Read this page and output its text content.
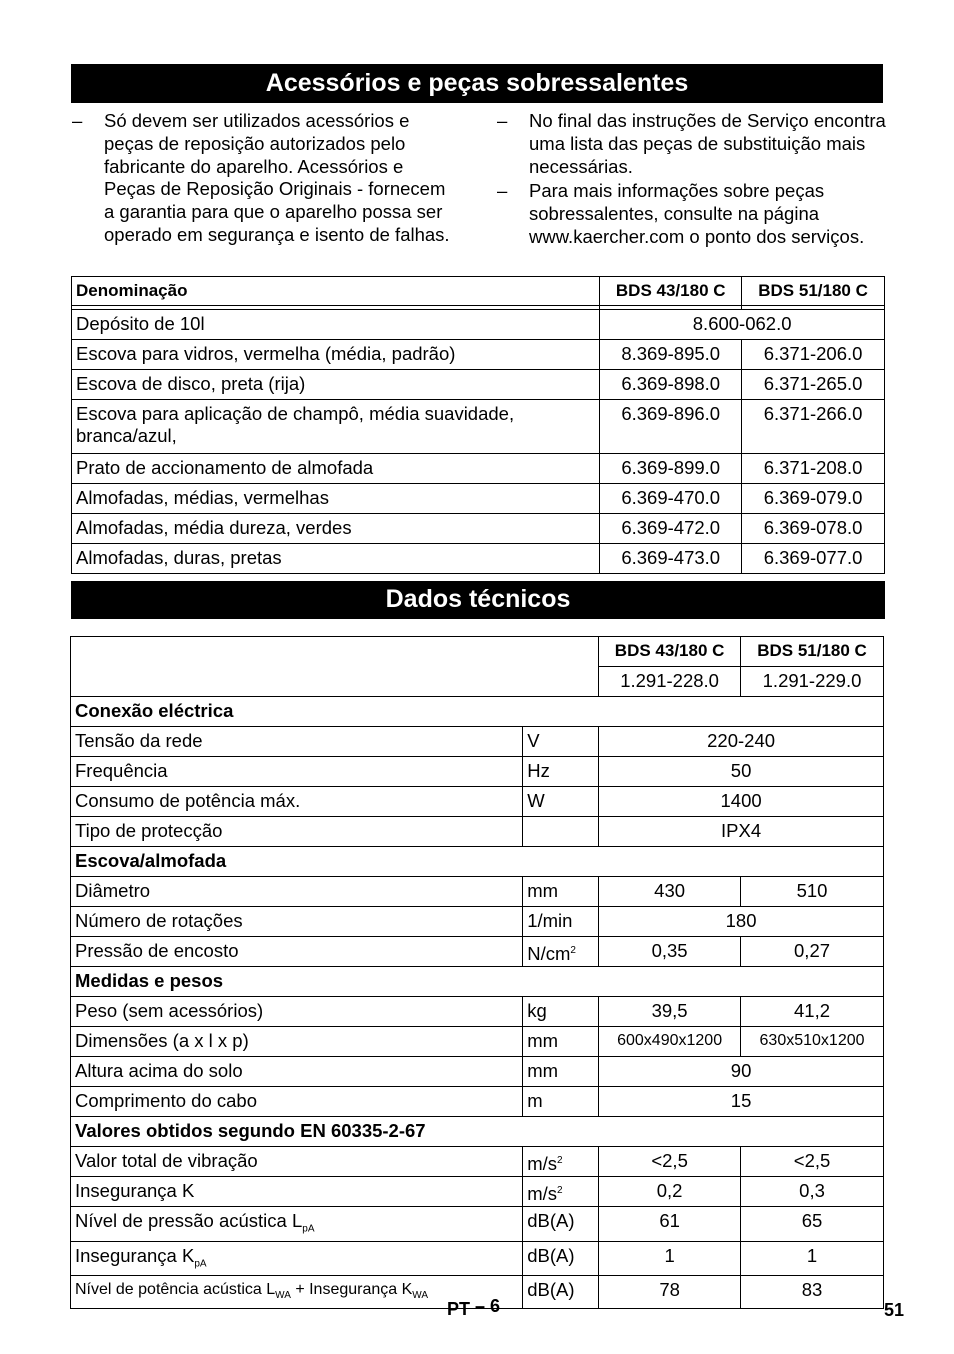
Acessórios e peças sobressalentes
– Só devem ser utilizados acessórios e peças de reposição autorizados pelo fabricante do aparelho. Acessórios e Peças de Reposição Originais - fornecem a garantia para que o aparelho possa ser operado em segurança e isento de falhas.
– No final das instruções de Serviço encontra uma lista das peças de substituição mais necessárias.
– Para mais informações sobre peças sobressalentes, consulte na página www.kaercher.com o ponto dos serviços.
Denominação	BDS 43/180 C	BDS 51/180 C

Depósito de 10l	8.600-062.0	
Escova para vidros, vermelha (média, padrão)	8.369-895.0	6.371-206.0
Escova de disco, preta (rija)	6.369-898.0	6.371-265.0
Escova para aplicação de champô, média suavidade, branca/azul,	6.369-896.0	6.371-266.0
Prato de accionamento de almofada	6.369-899.0	6.371-208.0
Almofadas, médias, vermelhas	6.369-470.0	6.369-079.0
Almofadas, média dureza, verdes	6.369-472.0	6.369-078.0
Almofadas, duras, pretas	6.369-473.0	6.369-077.0
Dados técnicos
		BDS 43/180 C	BDS 51/180 C
		1.291-228.0	1.291-229.0
Conexão eléctrica			
Tensão da rede	V	220-240	
Frequência	Hz	50	
Consumo de potência máx.	W	1400	
Tipo de protecção		IPX4	
Escova/almofada			
Diâmetro	mm	430	510
Número de rotações	1/min	180	
Pressão de encosto	$N/cm^2$	0,35	0,27
Medidas e pesos			
Peso (sem acessórios)	kg	39,5	41,2
Dimensões (a x l x p)	mm	600x490x1200	630x510x1200
Altura acima do solo	mm	90	
Comprimento do cabo	m	15	
Valores obtidos segundo EN 60335-2-67			
Valor total de vibração	$m/s^2$	<2,5	<2,5
Insegurança K	$m/s^2$	0,2	0,3
Nível de pressão acústica $L_{pA}$	dB(A)	61	65
Insegurança $K_{pA}$	dB(A)	1	1
Nível de potência acústica $L_{WA}$ + Insegurança $K_{WA}$	dB(A)	78	83
PT – 6	51
